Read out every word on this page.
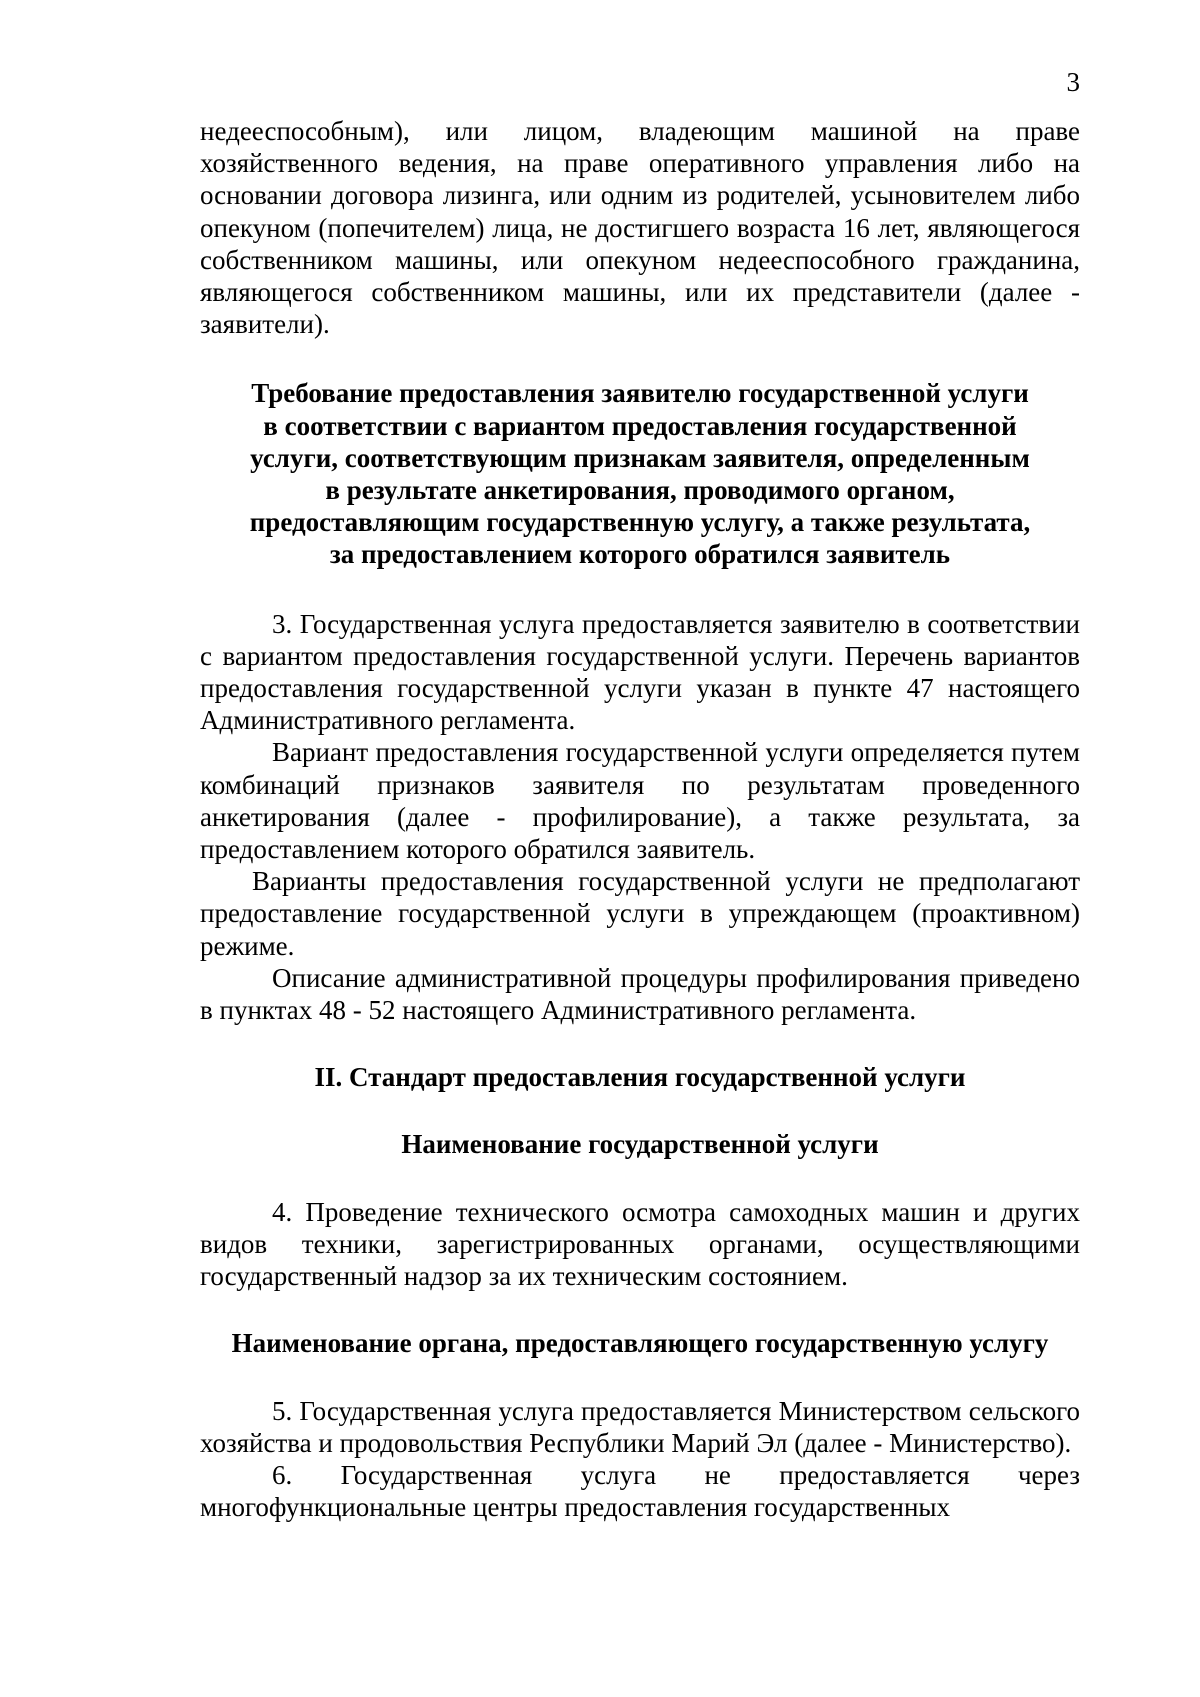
3

недееспособным), или лицом, владеющим машиной на праве хозяйственного ведения, на праве оперативного управления либо на основании договора лизинга, или одним из родителей, усыновителем либо опекуном (попечителем) лица, не достигшего возраста 16 лет, являющегося собственником машины, или опекуном недееспособного гражданина, являющегося собственником машины, или их представители (далее - заявители).

Требование предоставления заявителю государственной услуги
в соответствии с вариантом предоставления государственной
услуги, соответствующим признакам заявителя, определенным
в результате анкетирования, проводимого органом,
предоставляющим государственную услугу, а также результата,
за предоставлением которого обратился заявитель

3. Государственная услуга предоставляется заявителю в соответствии с вариантом предоставления государственной услуги. Перечень вариантов предоставления государственной услуги указан в пункте 47 настоящего Административного регламента.

Вариант предоставления государственной услуги определяется путем комбинаций признаков заявителя по результатам проведенного анкетирования (далее - профилирование), а также результата, за предоставлением которого обратился заявитель.

Варианты предоставления государственной услуги не предполагают предоставление государственной услуги в упреждающем (проактивном) режиме.

Описание административной процедуры профилирования приведено в пунктах 48 - 52 настоящего Административного регламента.

II. Стандарт предоставления государственной услуги
Наименование государственной услуги

4. Проведение технического осмотра самоходных машин и других видов техники, зарегистрированных органами, осуществляющими государственный надзор за их техническим состоянием.

Наименование органа, предоставляющего государственную услугу

5. Государственная услуга предоставляется Министерством сельского хозяйства и продовольствия Республики Марий Эл (далее - Министерство).

6. Государственная услуга не предоставляется через многофункциональные центры предоставления государственных
